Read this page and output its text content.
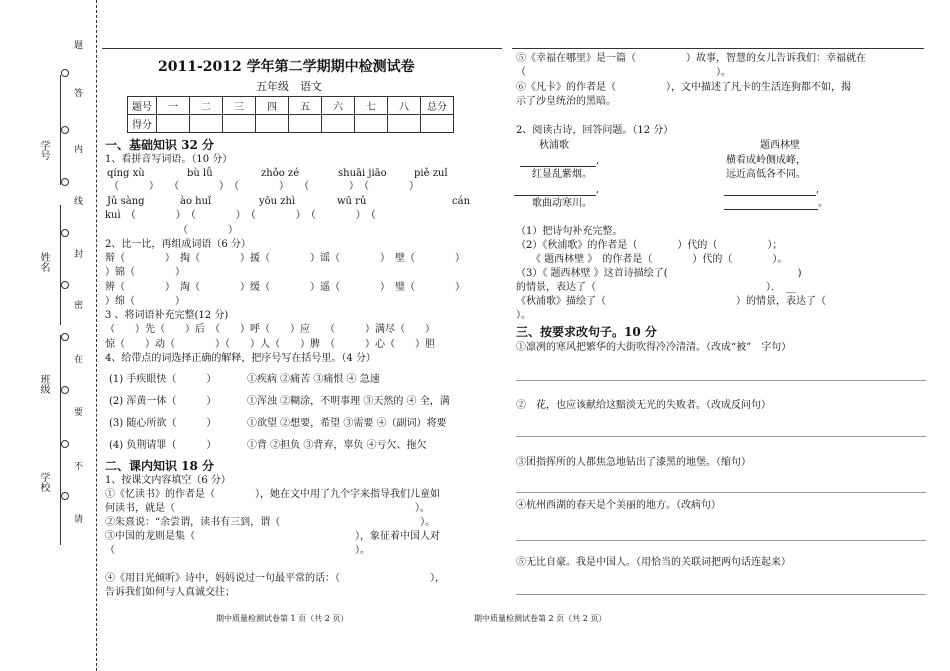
题
答
内
线
封
密
在
要
不
请
学号
姓名
班级
学校
2011-2012 学年第二学期期中检测试卷
五年级　语文
题号	一	二	三	四	五	六	七	八	总分
得分									
一、基础知识 32 分
1、看拼音写词语。（10 分）
qíng xù	bù lǚ	zhǒo zé	shuāi jiāo	piě zuǐ
（　　　）　　（　　　　）　（　　　　）　　（　　　　）　（　　　　）
Jǔ sàng	ào huǐ	yōu zhì	wū rǔ	cán
kuì　（　　　　）　（　　　　）　（　　　　）　（　　　　）　（
（　　　　）
2、比一比，再组成词语（6 分）
辩（　　　　）　掏（　　　　）援（　　　　）谣（　　　　）　壁（　　　　）
）锦（　　　　）
辨（　　　　）　淘（　　　　）缓（　　　　）遥（　　　　）　璧（　　　　）
）绵（　　　　）
3 、将词语补充完整(12 分)
（　　）先（　　）后　（　　）呼（　　）应　　（　　　）满尽（　　）
惊（　　）动（　　　　）（　　）人（　　）脾　（　　　）心（　　）胆
4、给带点的词选择正确的解释，把序号写在括号里。（4 分）
(1) 手疾眼快（　　　）	①疾病 ②痛苦 ③痛恨 ④ 急速
(2) 浑黄一体（　　　）	①浑浊 ②糊涂，不明事理 ③天然的 ④ 全，满
(3) 随心所欲（　　　）	①欲望 ②想要，希望 ③需要 ④（副词）将要
(4) 负荆请罪（　　　）	①背 ②担负 ③背弃，辜负 ④亏欠、拖欠
二、课内知识 18 分
1、按课文内容填空（6 分）
①《忆读书》的作者是（　　　　），她在文中用了九个字来指导我们儿童如
何读书，就是（　　　　　　　　　　　　　　　　　　　　　　　　）。
②朱熹说：“余尝谓，读书有三到，谓（　　　　　　　　　　　　　　）。
③中国的龙则是集（　　　　　　　　　　　　　　　　），象征着中国人对
（　　　　　　　　　　　　　　　　　　　　　　　　）。
④《用目光倾听》诗中，妈妈说过一句最平常的话：（　　　　　　　　　），
告诉我们如何与人真诚交往；
期中质量检测试卷第 1 页（共 2 页）	期中质量检测试卷第 2 页（共 2 页）
⑤《幸福在哪里》是一篇（　　　　　）故事，智慧的女儿告诉我们：幸福就在
（　　　　　　　　　　　　　　　　　　　）。
⑥《凡卡》的作者是（　　　　　），文中描述了凡卡的生活连狗都不如，揭
示了沙皇统治的黑暗。
2、阅读古诗，回答问题。（12 分）
秋浦歌	题西林壁
,	横看成岭侧成峰，
红显乱紫烟。	远近高低各不同。
,	,
歌曲动寒川。	。
（1）把诗句补充完整。
（2）《秋浦歌》的作者是（　　　　）代的（　　　　　）；
　　《 题西林壁 》　的作者是（　　　　）代的（　　　　）。
（3）《 题西林壁 》这首诗描绘了(　　　　　　　　　　　　　)
的情景，表达了（　　　　　　　　　　　　　　　　　）．　__
《秋浦歌》描绘了（　　　　　　　　　　　　　）的情景，表达了（
）。
三、按要求改句子。10 分
①凛冽的寒风把繁华的大街吹得冷冷清清。（改成“被”　字句）
②　花，也应该献给这黯淡无光的失败者。（改成反问句）
③团指挥所的人都焦急地钻出了漆黑的地堡。（缩句）
④杭州西湖的春天是个美丽的地方。（改病句）
⑤无比自豪。我是中国人。（用恰当的关联词把两句话连起来）
